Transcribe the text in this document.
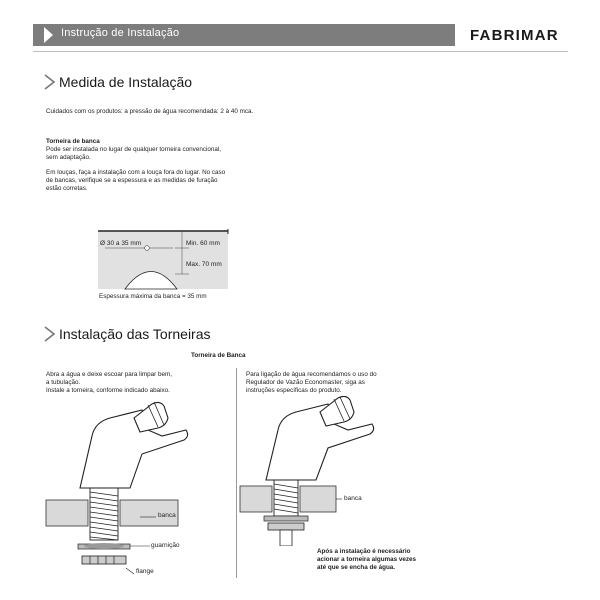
Instrução de Instalação	FABRIMAR
Medida de Instalação
Cuidados com os produtos: a pressão de água recomendada: 2 à 40 mca.
Torneira de banca
Pode ser instalada no lugar de qualquer torneira convencional,
sem adaptação.
Em louças, faça a instalação com a louça fora do lugar. No caso
de bancas, verifique se a espessura e as medidas de furação
estão corretas.
Ø 30 a 35 mm	Min. 60 mm
Max. 70 mm
Espessura máxima da banca = 35 mm
Instalação das Torneiras
Torneira de Banca
Abra a água e deixe escoar para limpar bem,
a tubulação.
Instale a torneira, conforme indicado abaixo.
Para ligação de água recomendamos o uso do
Regulador de Vazão Economaster, siga as
instruções específicas do produto.
banca
guarnição
flange
banca
Após a instalação é necessário
acionar a torneira algumas vezes
até que se encha de água.
